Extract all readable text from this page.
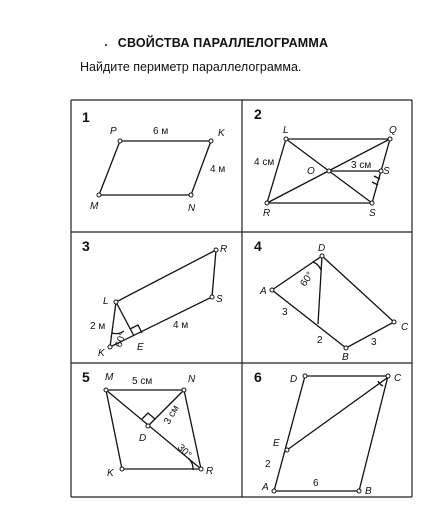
СВОЙСТВА ПАРАЛЛЕЛОГРАММА
Найдите периметр параллелограмма.
1
P	K
M	N
6 м
4 м
2
L	Q
O	S
R	S
4 см	3 см
3	R
L	S
K
E
2 м	4 м
60°
4	D
A
C
B
60°
3
2	3
5 M	N
D
K	R
5 см
3 см
30°
6	D	C
E
A	B
2
6
